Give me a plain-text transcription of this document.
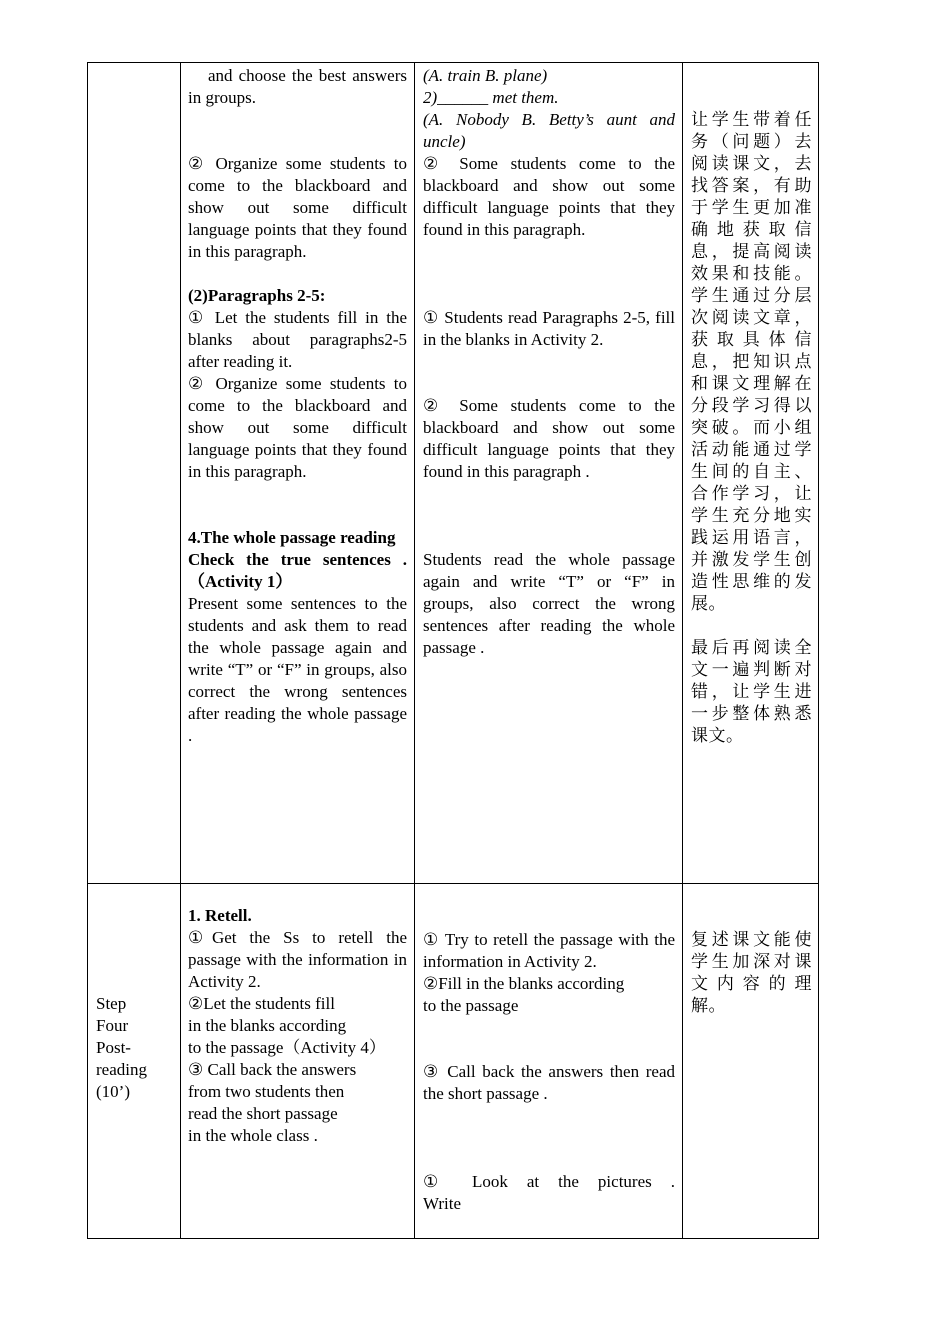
and choose the best answers in groups.

② Organize some students to come to the blackboard and show out some difficult language points that they found in this paragraph.

(2)Paragraphs 2-5:

① Let the students fill in the blanks about paragraphs2-5 after reading it.

② Organize some students to come to the blackboard and show out some difficult language points that they found in this paragraph.

4.The whole passage reading

Check the true sentences .（Activity 1）

Present some sentences to the students and ask them to read the whole passage again and write “T” or “F” in groups, also correct the wrong sentences after reading the whole passage .

(A. train B. plane)

2)______ met them.

(A. Nobody B. Betty’s aunt and uncle)

② Some students come to the blackboard and show out some difficult language points that they found in this paragraph.

① Students read Paragraphs 2-5, fill in the blanks in Activity 2.

② Some students come to the blackboard and show out some difficult language points that they found in this paragraph .

Students read the whole passage again and write “T” or “F” in groups, also correct the wrong sentences after reading the whole passage .

让学生带着任务（问题）去阅读课文，去找答案，有助于学生更加准确地获取信息，提高阅读效果和技能。学生通过分层次阅读文章，获取具体信息，把知识点和课文理解在分段学习得以突破。而小组活动能通过学生间的自主、合作学习，让学生充分地实践运用语言，并激发学生创造性思维的发展。

最后再阅读全文一遍判断对错，让学生进一步整体熟悉课文。

Step

Four

Post-

reading

(10’)

1. Retell.

①Get the Ss to retell the passage with the information in Activity 2.

②Let the students fill

in the blanks according

to the passage（Activity 4）

③ Call back the answers

from two students then

read the short passage

in the whole class .

① Try to retell the passage with the information in Activity 2.

②Fill in the blanks according

to the passage

③ Call back the answers then read the short passage .

① Look at the pictures .

Write

复述课文能使学生加深对课文内容的理解。
